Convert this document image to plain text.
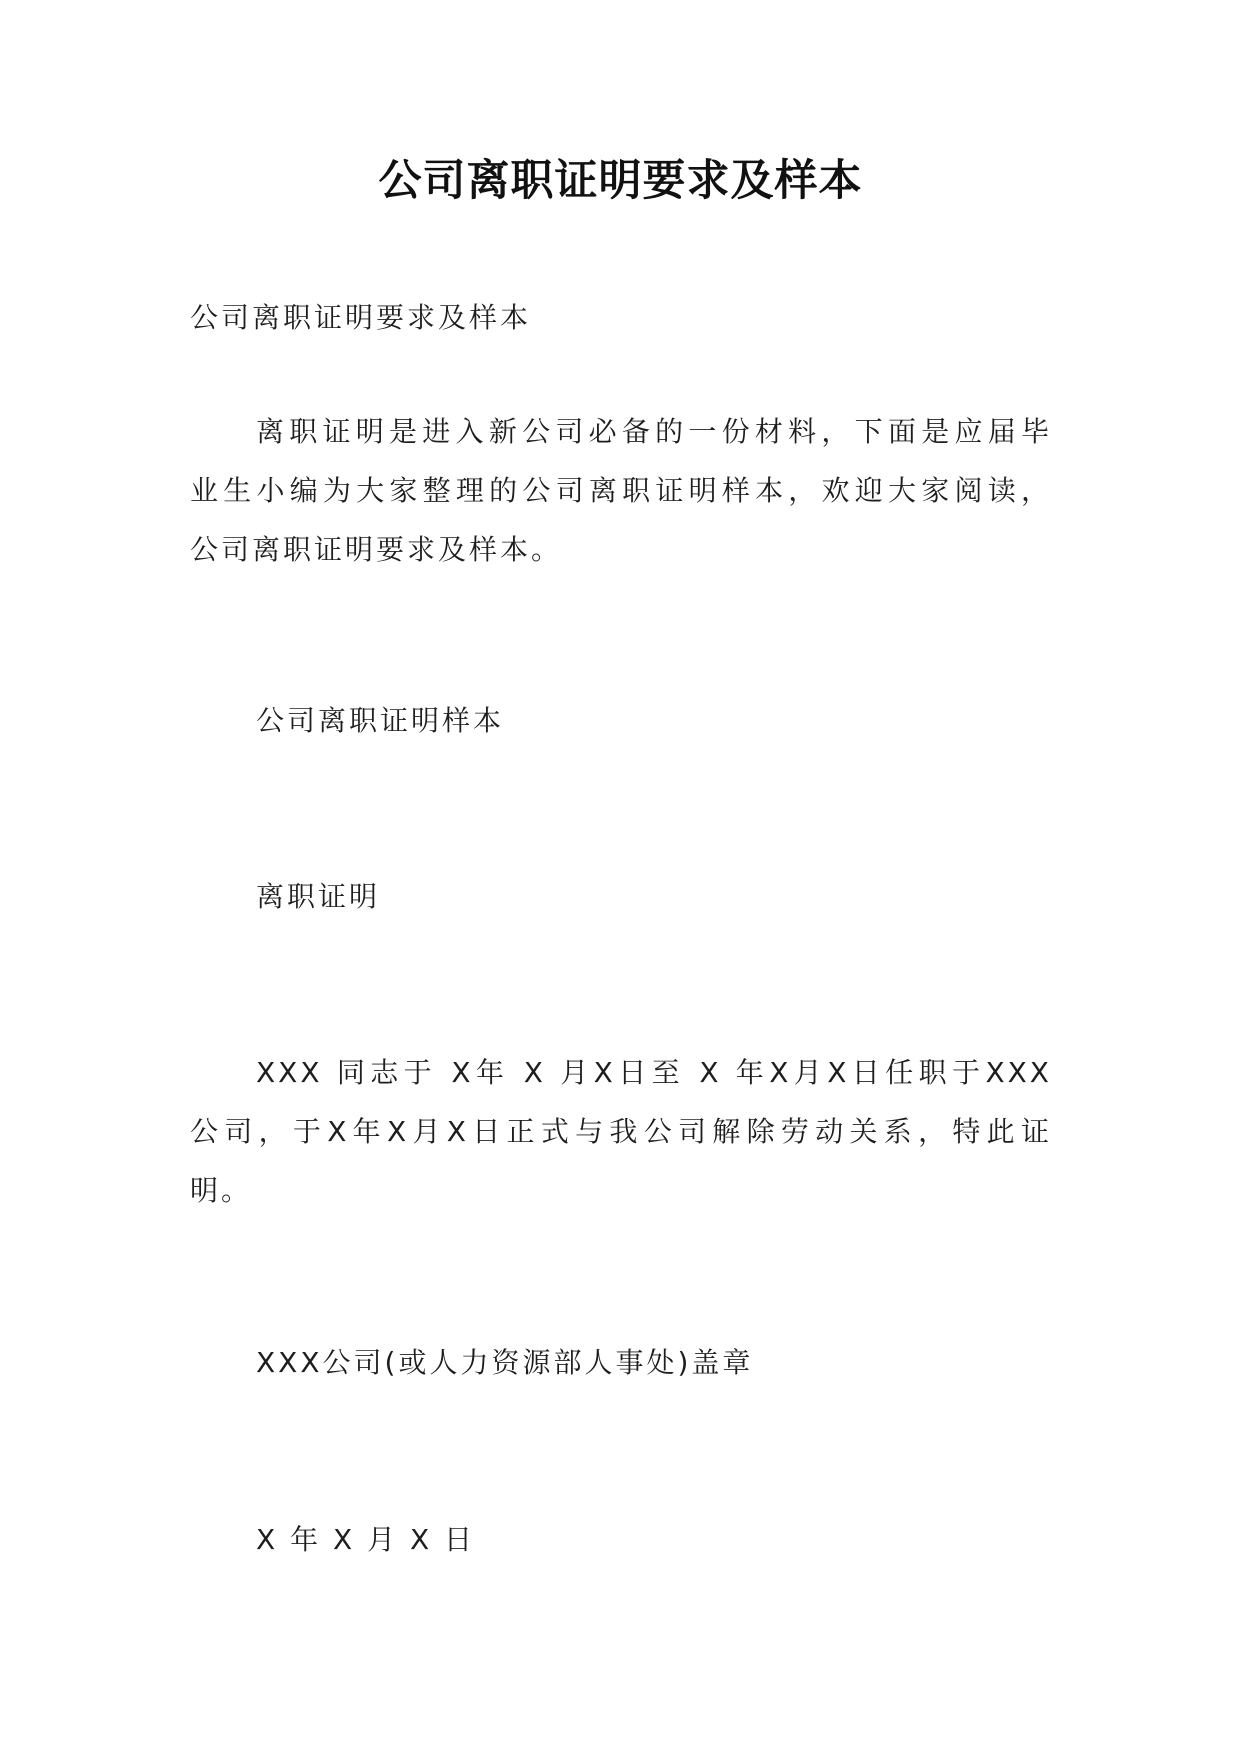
公司离职证明要求及样本
公司离职证明要求及样本
离职证明是进入新公司必备的一份材料，下面是应届毕
业生小编为大家整理的公司离职证明样本，欢迎大家阅读，
公司离职证明要求及样本。
公司离职证明样本
离职证明
XXX 同志于 X年 X 月X日至 X 年X月X日任职于XXX
公司，于X年X月X日正式与我公司解除劳动关系，特此证
明。
XXX公司(或人力资源部人事处)盖章
X 年 X 月 X 日
